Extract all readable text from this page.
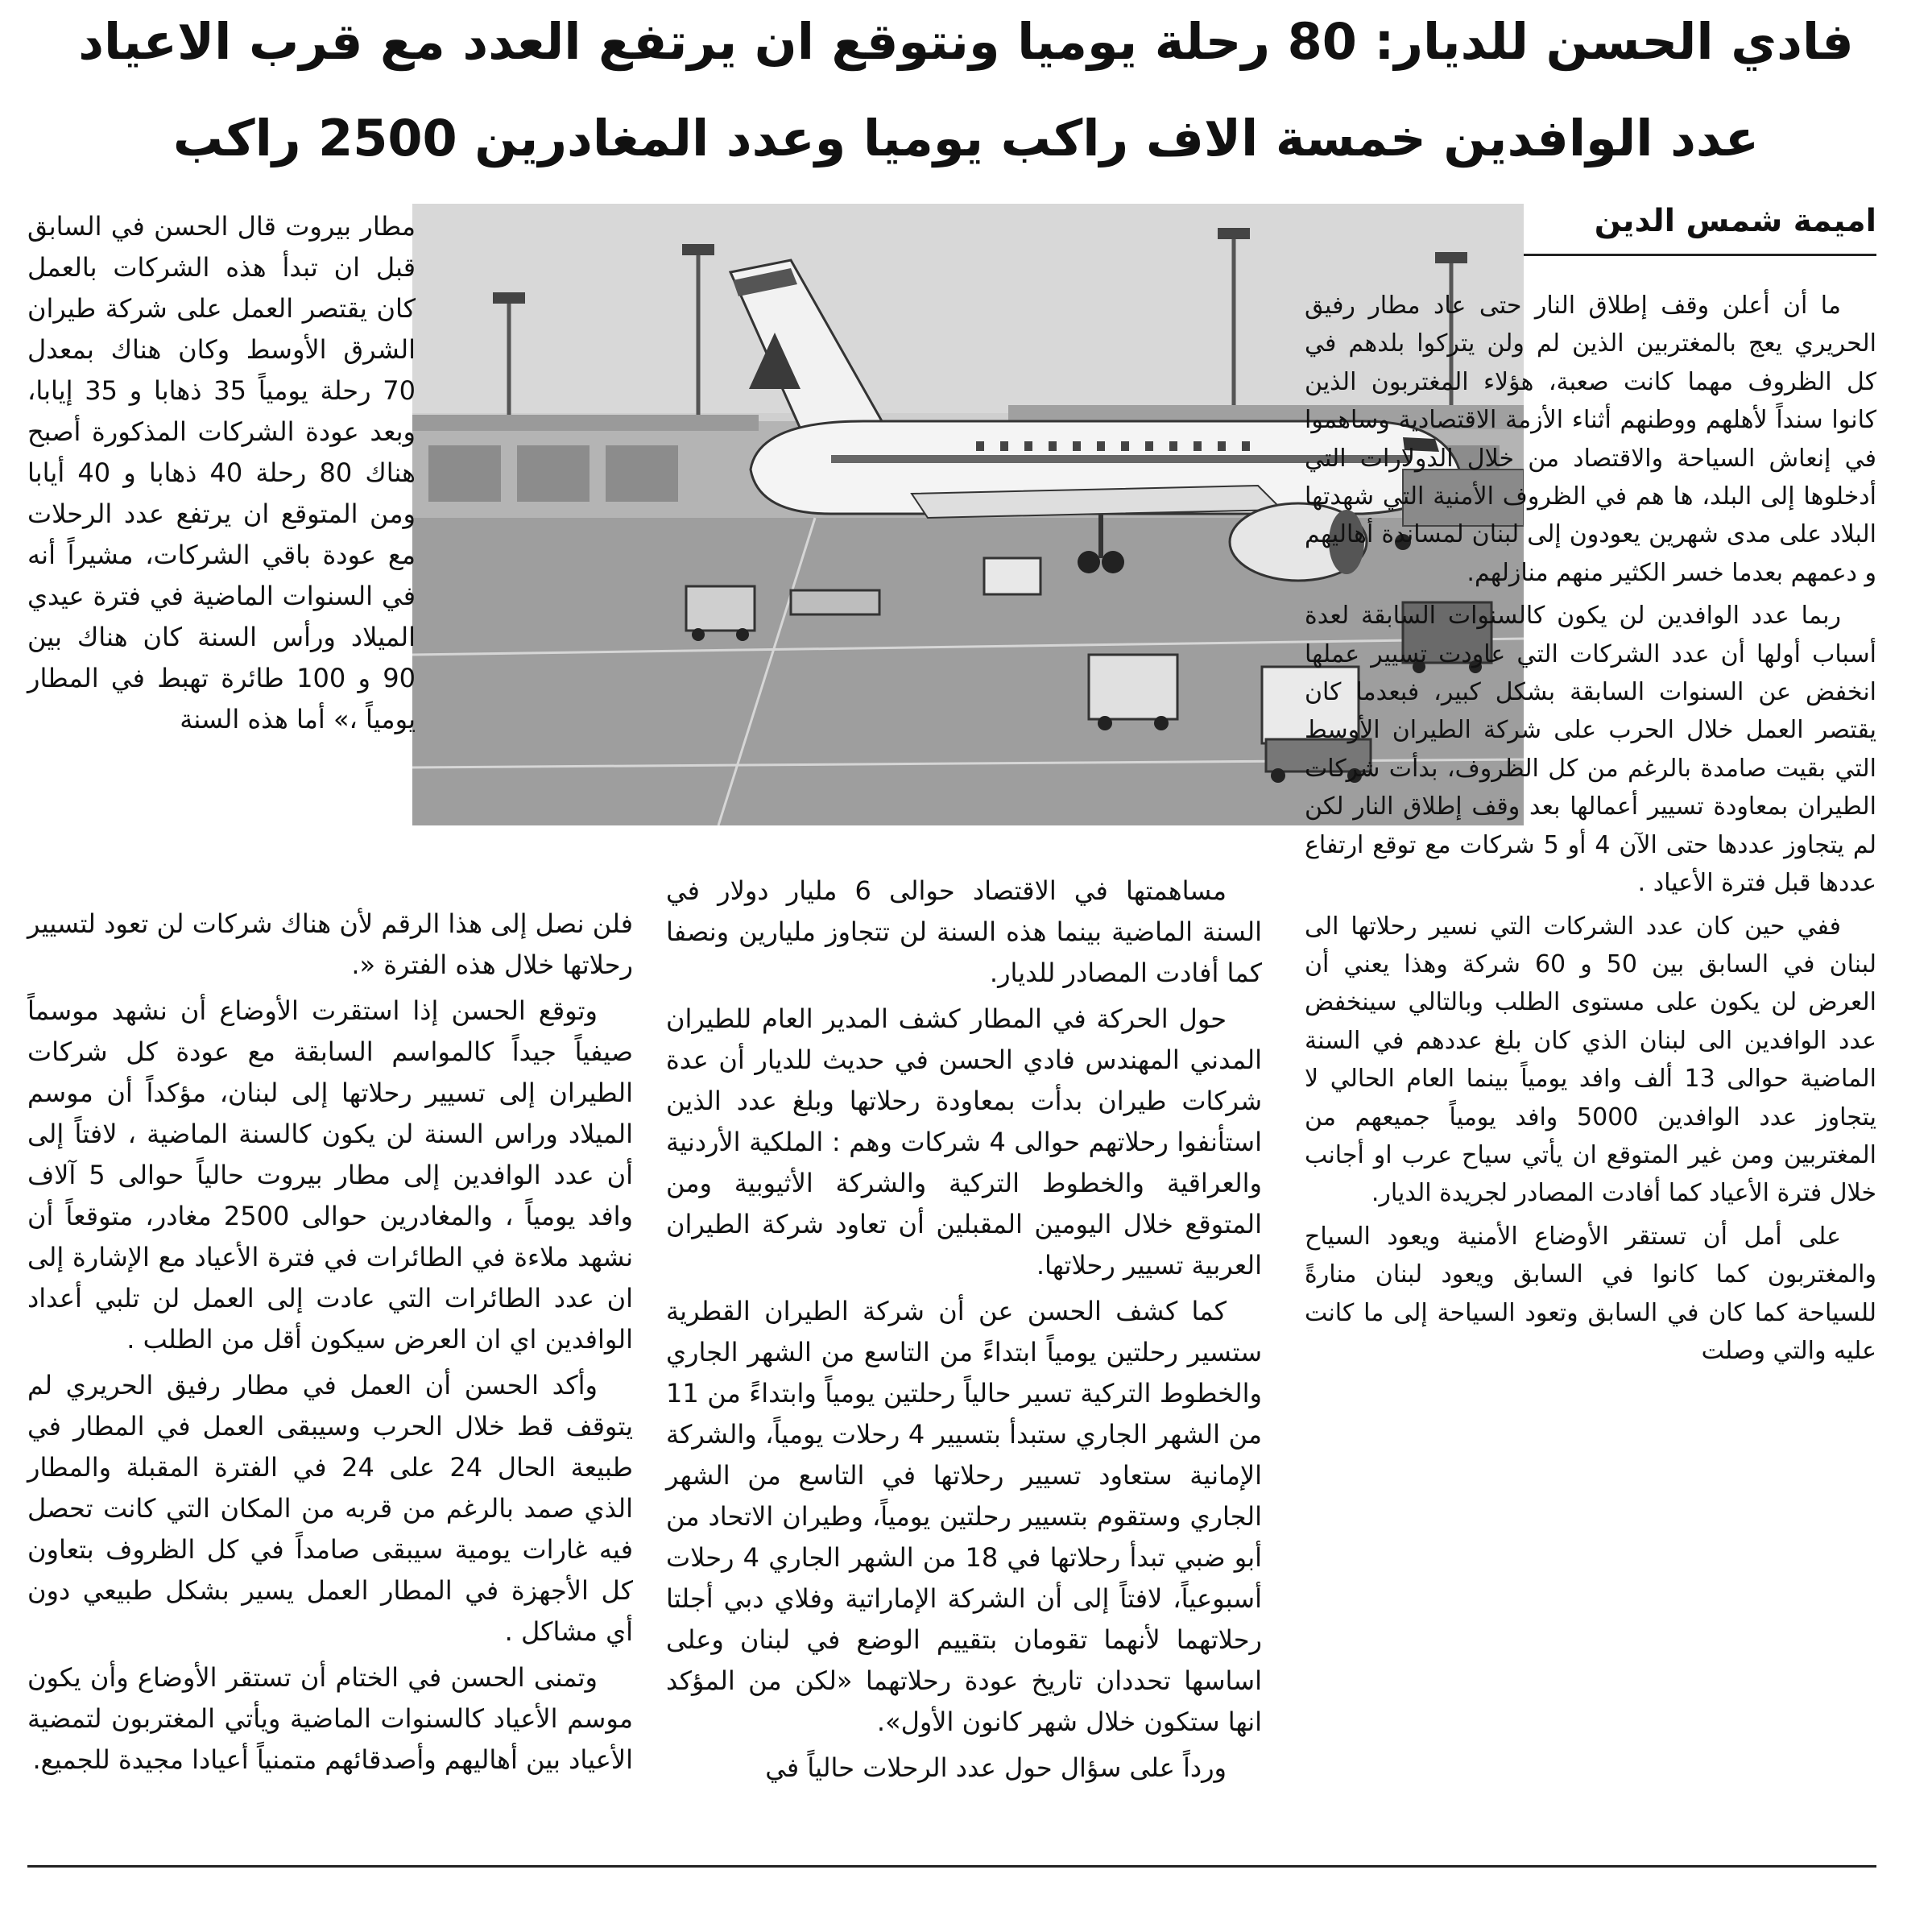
فادي الحسن للديار: 80 رحلة يوميا ونتوقع ان يرتفع العدد مع قرب الاعياد
عدد الوافدين خمسة الاف راكب يوميا وعدد المغادرين 2500 راكب
اميمة شمس الدين

ما أن أعلن وقف إطلاق النار حتى عاد مطار رفيق الحريري يعج بالمغتربين الذين لم ولن يتركوا بلدهم في كل الظروف مهما كانت صعبة، هؤلاء المغتربون الذين كانوا سنداً لأهلهم ووطنهم أثناء الأزمة الاقتصادية وساهموا في إنعاش السياحة والاقتصاد من خلال الدولارات التي أدخلوها إلى البلد، ها هم في الظروف الأمنية التي شهدتها البلاد على مدى شهرين يعودون إلى لبنان لمساندة أهاليهم و دعمهم بعدما خسر الكثير منهم منازلهم.

ربما عدد الوافدين لن يكون كالسنوات السابقة لعدة أسباب أولها أن عدد الشركات التي عاودت تسيير عملها انخفض عن السنوات السابقة بشكل كبير، فبعدما كان يقتصر العمل خلال الحرب على شركة الطيران الأوسط التي بقيت صامدة بالرغم من كل الظروف، بدأت شركات الطيران بمعاودة تسيير أعمالها بعد وقف إطلاق النار لكن لم يتجاوز عددها حتى الآن 4 أو 5 شركات مع توقع ارتفاع عددها قبل فترة الأعياد .

ففي حين كان عدد الشركات التي نسير رحلاتها الى لبنان في السابق بين 50 و 60 شركة وهذا يعني أن العرض لن يكون على مستوى الطلب وبالتالي سينخفض عدد الوافدين الى لبنان الذي كان بلغ عددهم في السنة الماضية حوالى 13 ألف وافد يومياً بينما العام الحالي لا يتجاوز عدد الوافدين 5000 وافد يومياً جميعهم من المغتربين ومن غير المتوقع ان يأتي سياح عرب او أجانب خلال فترة الأعياد كما أفادت المصادر لجريدة الديار.

على أمل أن تستقر الأوضاع الأمنية ويعود السياح والمغتربون كما كانوا في السابق ويعود لبنان منارةً للسياحة كما كان في السابق وتعود السياحة إلى ما كانت عليه والتي وصلت

مساهمتها في الاقتصاد حوالى 6 مليار دولار في السنة الماضية بينما هذه السنة لن تتجاوز مليارين ونصفا كما أفادت المصادر للديار.

حول الحركة في المطار كشف المدير العام للطيران المدني المهندس فادي الحسن في حديث للديار أن عدة شركات طيران بدأت بمعاودة رحلاتها وبلغ عدد الذين استأنفوا رحلاتهم حوالى 4 شركات وهم : الملكية الأردنية والعراقية والخطوط التركية والشركة الأثيوبية ومن المتوقع خلال اليومين المقبلين أن تعاود شركة الطيران العربية تسيير رحلاتها.

كما كشف الحسن عن أن شركة الطيران القطرية ستسير رحلتين يومياً ابتداءً من التاسع من الشهر الجاري والخطوط التركية تسير حالياً رحلتين يومياً وابتداءً من 11 من الشهر الجاري ستبدأ بتسيير 4 رحلات يومياً، والشركة الإمانية ستعاود تسيير رحلاتها في التاسع من الشهر الجاري وستقوم بتسيير رحلتين يومياً، وطيران الاتحاد من أبو ضبي تبدأ رحلاتها في 18 من الشهر الجاري 4 رحلات أسبوعياً، لافتاً إلى أن الشركة الإماراتية وفلاي دبي أجلتا رحلاتهما لأنهما تقومان بتقييم الوضع في لبنان وعلى اساسها تحددان تاريخ عودة رحلاتهما «لكن من المؤكد انها ستكون خلال شهر كانون الأول».

ورداً على سؤال حول عدد الرحلات حالياً في

مطار بيروت قال الحسن في السابق قبل ان تبدأ هذه الشركات بالعمل كان يقتصر العمل على شركة طيران الشرق الأوسط وكان هناك بمعدل 70 رحلة يومياً 35 ذهابا و 35 إيابا، وبعد عودة الشركات المذكورة أصبح هناك 80 رحلة 40 ذهابا و 40 أيابا ومن المتوقع ان يرتفع عدد الرحلات مع عودة باقي الشركات، مشيراً أنه في السنوات الماضية في فترة عيدي الميلاد ورأس السنة كان هناك بين 90 و 100 طائرة تهبط في المطار يومياً ،» أما هذه السنة

فلن نصل إلى هذا الرقم لأن هناك شركات لن تعود لتسيير رحلاتها خلال هذه الفترة «.

وتوقع الحسن إذا استقرت الأوضاع أن نشهد موسماً صيفياً جيداً كالمواسم السابقة مع عودة كل شركات الطيران إلى تسيير رحلاتها إلى لبنان، مؤكداً أن موسم الميلاد وراس السنة لن يكون كالسنة الماضية ، لافتاً إلى أن عدد الوافدين إلى مطار بيروت حالياً حوالى 5 آلاف وافد يومياً ، والمغادرين حوالى 2500 مغادر، متوقعاً أن نشهد ملاءة في الطائرات في فترة الأعياد مع الإشارة إلى ان عدد الطائرات التي عادت إلى العمل لن تلبي أعداد الوافدين اي ان العرض سيكون أقل من الطلب .

وأكد الحسن أن العمل في مطار رفيق الحريري لم يتوقف قط خلال الحرب وسيبقى العمل في المطار في طبيعة الحال 24 على 24 في الفترة المقبلة والمطار الذي صمد بالرغم من قربه من المكان التي كانت تحصل فيه غارات يومية سيبقى صامداً في كل الظروف بتعاون كل الأجهزة في المطار العمل يسير بشكل طبيعي دون أي مشاكل .

وتمنى الحسن في الختام أن تستقر الأوضاع وأن يكون موسم الأعياد كالسنوات الماضية ويأتي المغتربون لتمضية الأعياد بين أهاليهم وأصدقائهم متمنياً أعيادا مجيدة للجميع.
